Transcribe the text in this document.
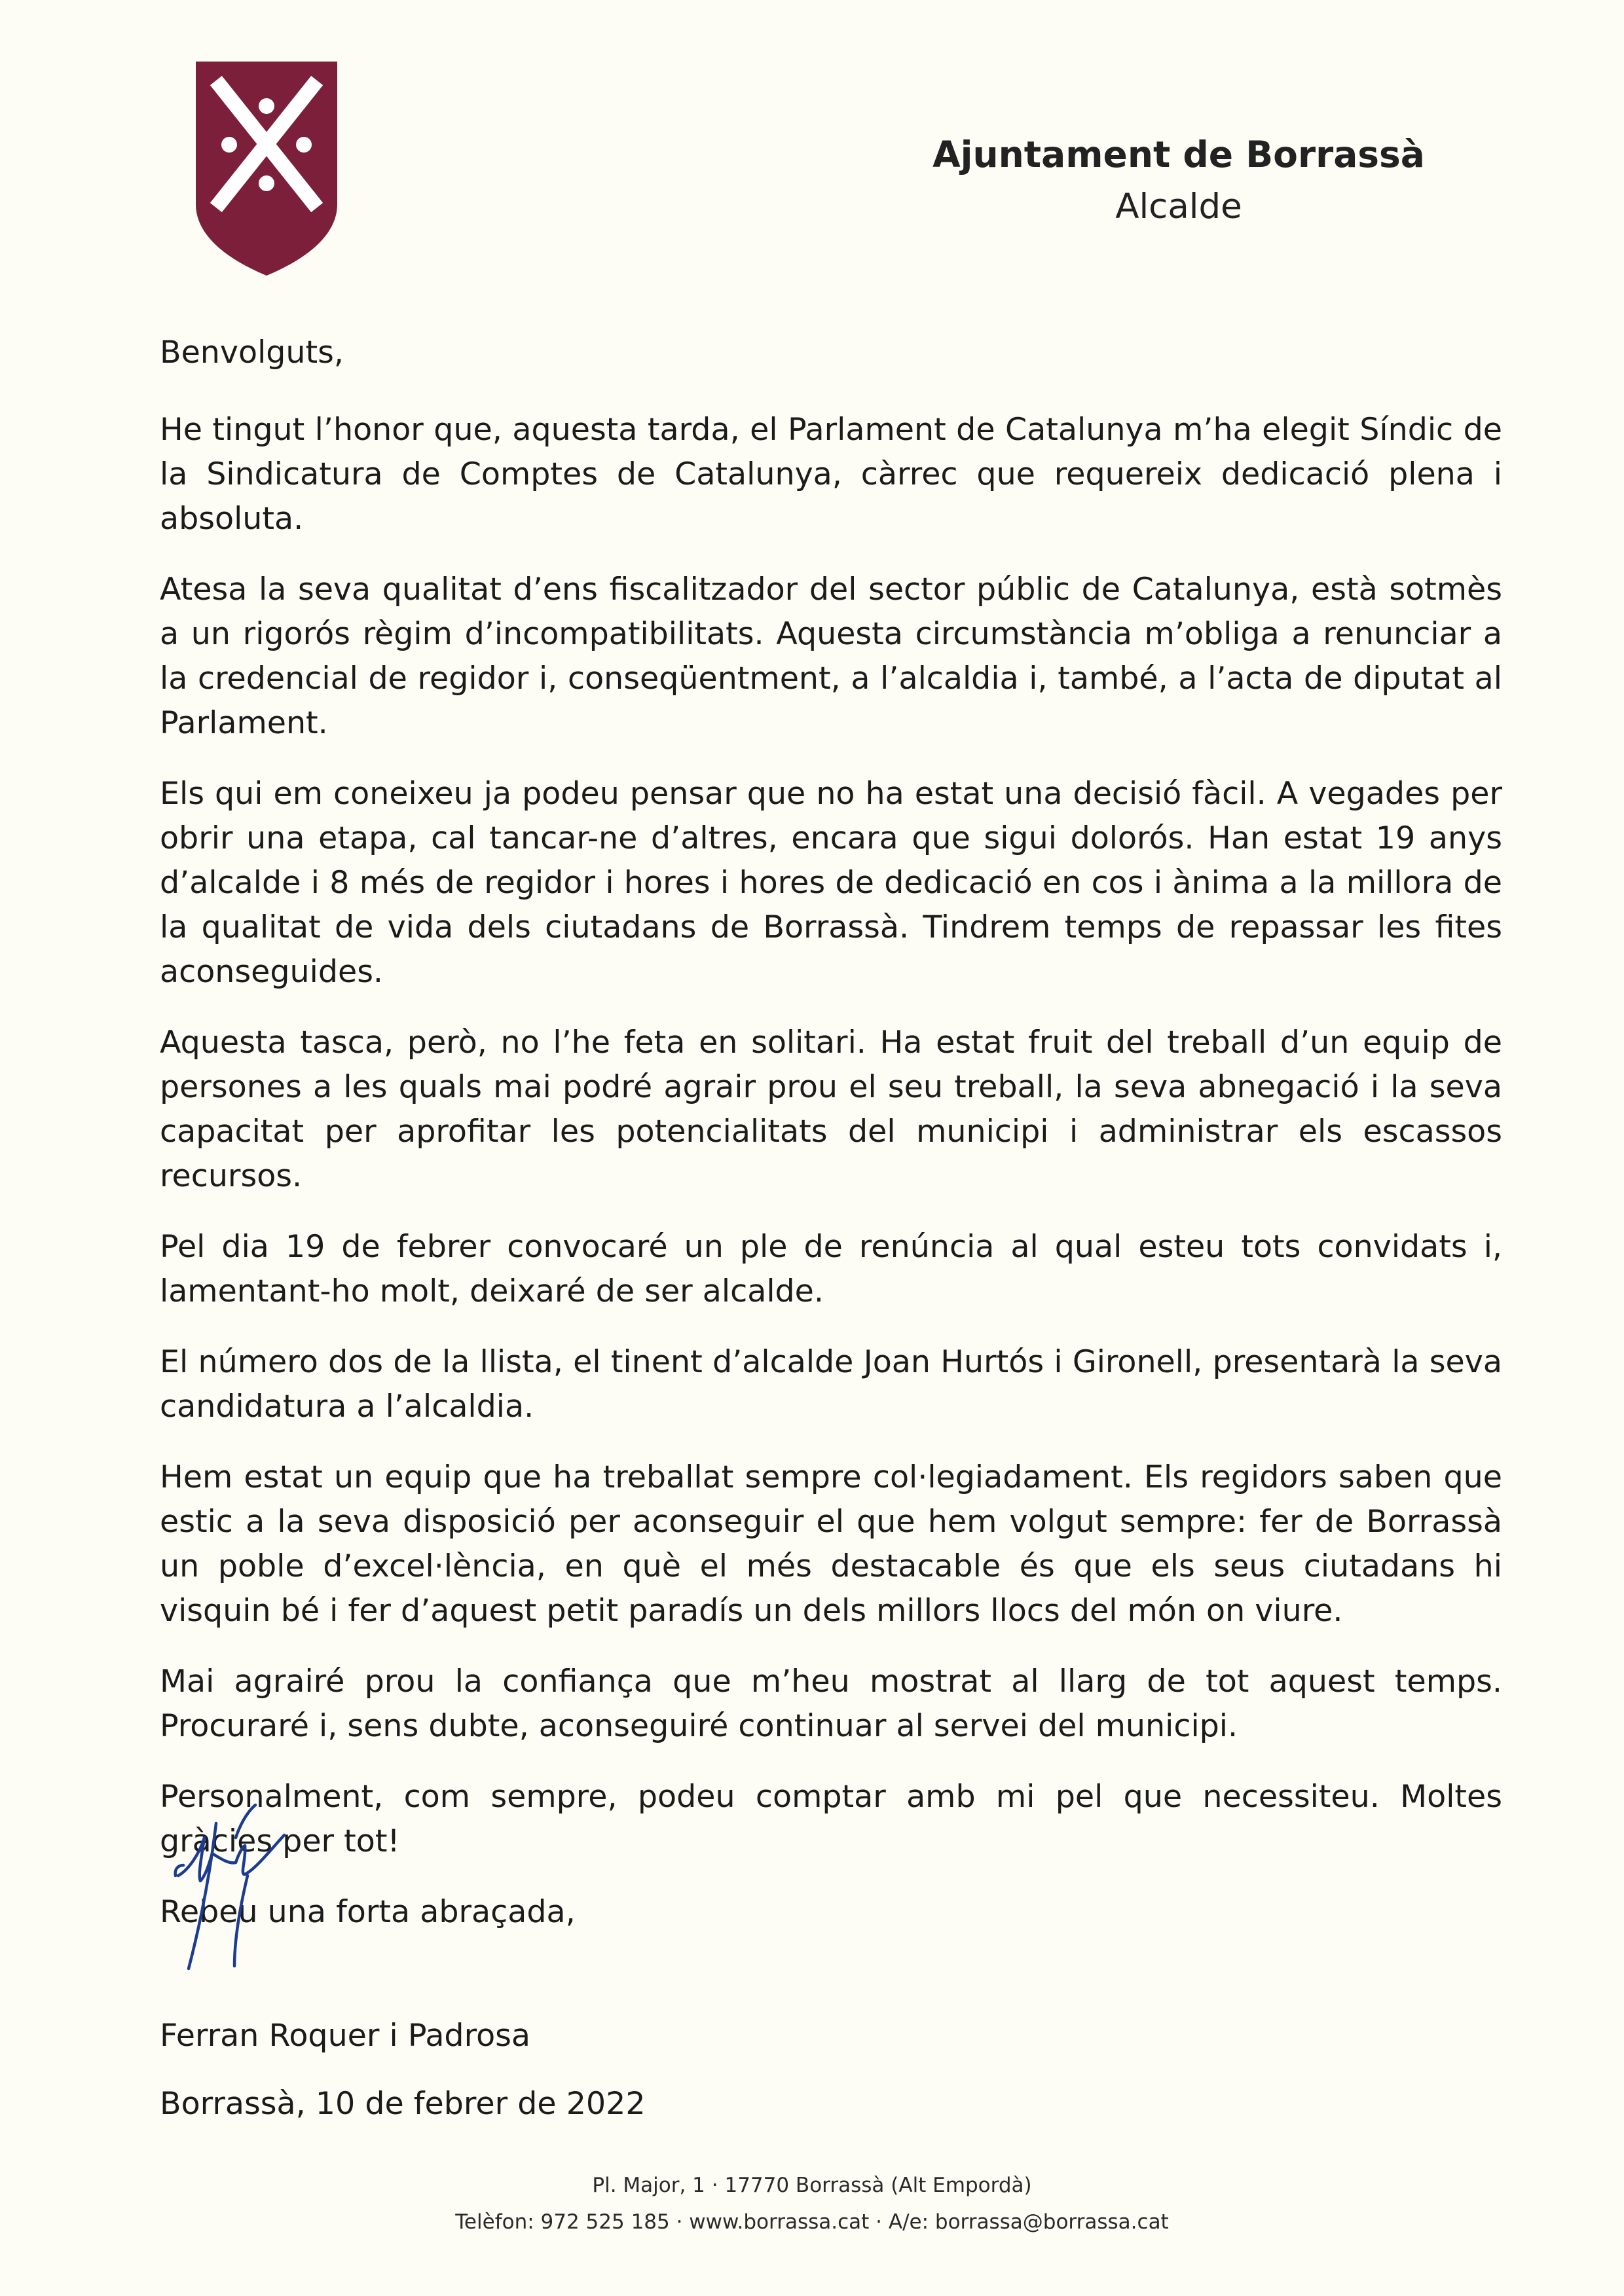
Ajuntament de Borrassà
Alcalde

Benvolguts,

He tingut l’honor que, aquesta tarda, el Parlament de Catalunya m’ha elegit Síndic de la Sindicatura de Comptes de Catalunya, càrrec que requereix dedicació plena i absoluta.

Atesa la seva qualitat d’ens fiscalitzador del sector públic de Catalunya, està sotmès a un rigorós règim d’incompatibilitats. Aquesta circumstància m’obliga a renunciar a la credencial de regidor i, conseqüentment, a l’alcaldia i, també, a l’acta de diputat al Parlament.

Els qui em coneixeu ja podeu pensar que no ha estat una decisió fàcil. A vegades per obrir una etapa, cal tancar-ne d’altres, encara que sigui dolorós. Han estat 19 anys d’alcalde i 8 més de regidor i hores i hores de dedicació en cos i ànima a la millora de la qualitat de vida dels ciutadans de Borrassà. Tindrem temps de repassar les fites aconseguides.

Aquesta tasca, però, no l’he feta en solitari. Ha estat fruit del treball d’un equip de persones a les quals mai podré agrair prou el seu treball, la seva abnegació i la seva capacitat per aprofitar les potencialitats del municipi i administrar els escassos recursos.

Pel dia 19 de febrer convocaré un ple de renúncia al qual esteu tots convidats i, lamentant-ho molt, deixaré de ser alcalde.

El número dos de la llista, el tinent d’alcalde Joan Hurtós i Gironell, presentarà la seva candidatura a l’alcaldia.

Hem estat un equip que ha treballat sempre col·legiadament. Els regidors saben que estic a la seva disposició per aconseguir el que hem volgut sempre: fer de Borrassà un poble d’excel·lència, en què el més destacable és que els seus ciutadans hi visquin bé i fer d’aquest petit paradís un dels millors llocs del món on viure.

Mai agrairé prou la confiança que m’heu mostrat al llarg de tot aquest temps. Procuraré i, sens dubte, aconseguiré continuar al servei del municipi.

Personalment, com sempre, podeu comptar amb mi pel que necessiteu. Moltes gràcies per tot!

Rebeu una forta abraçada,

Ferran Roquer i Padrosa
Borrassà, 10 de febrer de 2022
Pl. Major, 1 · 17770 Borrassà (Alt Empordà)
Telèfon: 972 525 185 · www.borrassa.cat · A/e: borrassa@borrassa.cat
